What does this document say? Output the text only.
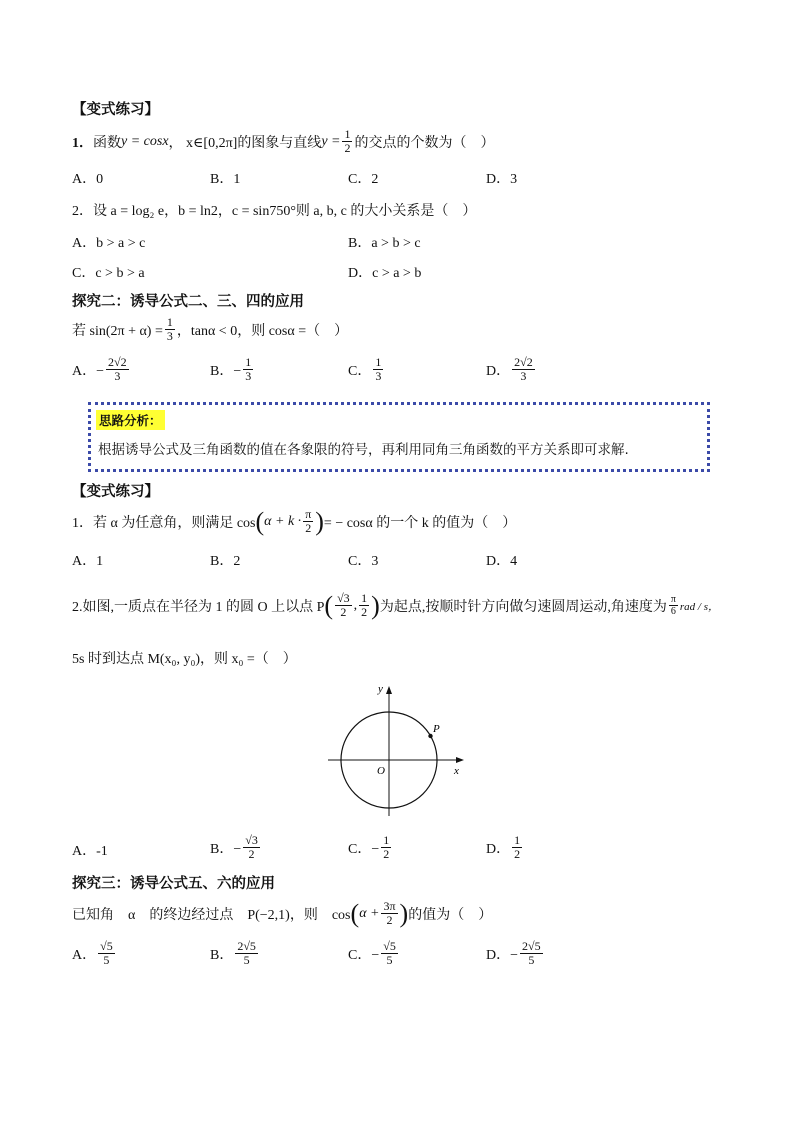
【变式练习】
1． 函数 y = cosx ， x∈[0,2π] 的图象与直线 $y = \frac{1}{2}$ 的交点的个数为（　）
A．0	B．1	C．2	D．3
2．设 a = log₂ e，b = ln2，c = sin750°则 a, b, c 的大小关系是（　）
A．b > a > c	B．a > b > c
C．c > b > a	D．c > a > b
探究二：诱导公式二、三、四的应用
若 $\sin(2\pi + \alpha) = \frac{1}{3}$ ，tanα < 0，则 cosα =（　）
A．− $\frac{2√2}{3}$	B．− $\frac{1}{3}$	C． $\frac{1}{3}$	D． $\frac{2√2}{3}$
思路分析：
根据诱导公式及三角函数的值在各象限的符号，再利用同角三角函数的平方关系即可求解.
【变式练习】
1．若 α 为任意角，则满足 cos ( $\alpha + k \cdot \frac{\pi}{2}$ ) = − cosα 的一个 k 的值为（　）
A．1	B．2	C．3	D．4
2.如图,一质点在半径为 1 的圆 O 上以点 P ( $\frac{√3}{2}$ , $\frac{1}{2}$ ) 为起点,按顺时针方向做匀速圆周运动,角速度为 $\frac{\pi}{6}$ rad / s，
5s 时到达点 M(x₀, y₀)，则 x₀ =（　）
y
x
O
P
A．-1	B．− $\frac{√3}{2}$	C．− $\frac{1}{2}$	D． $\frac{1}{2}$
探究三：诱导公式五、六的应用
已知角　α　的终边经过点　P(−2,1)，则　cos ( $\alpha + \frac{3\pi}{2}$ ) 的值为（　）
A． $\frac{√5}{5}$	B． $\frac{2√5}{5}$	C．− $\frac{√5}{5}$	D．− $\frac{2√5}{5}$
